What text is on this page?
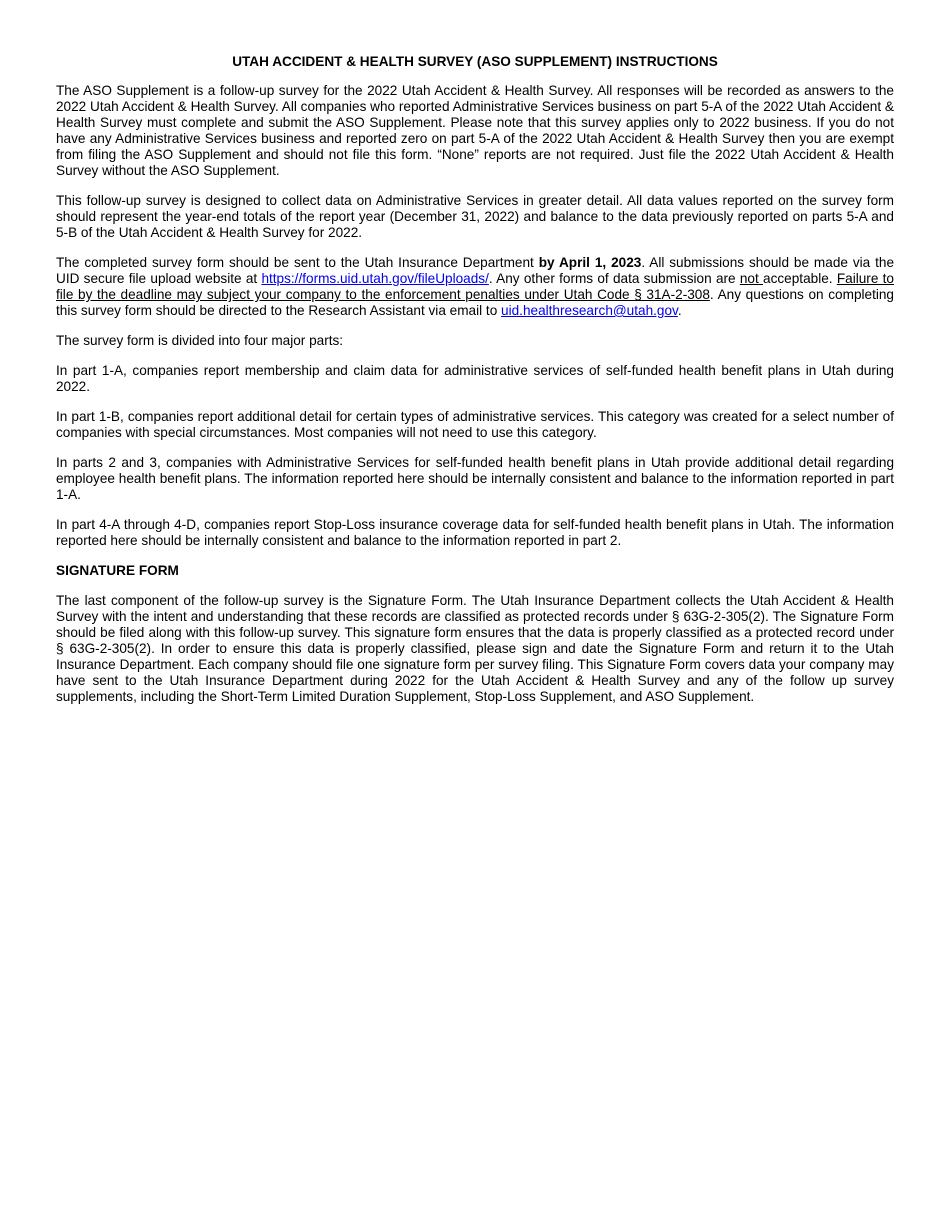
UTAH ACCIDENT & HEALTH SURVEY (ASO SUPPLEMENT) INSTRUCTIONS

The ASO Supplement is a follow-up survey for the 2022 Utah Accident & Health Survey. All responses will be recorded as answers to the 2022 Utah Accident & Health Survey. All companies who reported Administrative Services business on part 5-A of the 2022 Utah Accident & Health Survey must complete and submit the ASO Supplement. Please note that this survey applies only to 2022 business. If you do not have any Administrative Services business and reported zero on part 5-A of the 2022 Utah Accident & Health Survey then you are exempt from filing the ASO Supplement and should not file this form. “None” reports are not required. Just file the 2022 Utah Accident & Health Survey without the ASO Supplement.

This follow-up survey is designed to collect data on Administrative Services in greater detail. All data values reported on the survey form should represent the year-end totals of the report year (December 31, 2022) and balance to the data previously reported on parts 5-A and 5-B of the Utah Accident & Health Survey for 2022.

The completed survey form should be sent to the Utah Insurance Department by April 1, 2023. All submissions should be made via the UID secure file upload website at https://forms.uid.utah.gov/fileUploads/. Any other forms of data submission are not acceptable. Failure to file by the deadline may subject your company to the enforcement penalties under Utah Code § 31A-2-308. Any questions on completing this survey form should be directed to the Research Assistant via email to uid.healthresearch@utah.gov.

The survey form is divided into four major parts:

In part 1-A, companies report membership and claim data for administrative services of self-funded health benefit plans in Utah during 2022.

In part 1-B, companies report additional detail for certain types of administrative services. This category was created for a select number of companies with special circumstances. Most companies will not need to use this category.

In parts 2 and 3, companies with Administrative Services for self-funded health benefit plans in Utah provide additional detail regarding employee health benefit plans. The information reported here should be internally consistent and balance to the information reported in part 1-A.

In part 4-A through 4-D, companies report Stop-Loss insurance coverage data for self-funded health benefit plans in Utah. The information reported here should be internally consistent and balance to the information reported in part 2.

SIGNATURE FORM

The last component of the follow-up survey is the Signature Form. The Utah Insurance Department collects the Utah Accident & Health Survey with the intent and understanding that these records are classified as protected records under § 63G-2-305(2). The Signature Form should be filed along with this follow-up survey. This signature form ensures that the data is properly classified as a protected record under § 63G-2-305(2). In order to ensure this data is properly classified, please sign and date the Signature Form and return it to the Utah Insurance Department. Each company should file one signature form per survey filing. This Signature Form covers data your company may have sent to the Utah Insurance Department during 2022 for the Utah Accident & Health Survey and any of the follow up survey supplements, including the Short-Term Limited Duration Supplement, Stop-Loss Supplement, and ASO Supplement.
